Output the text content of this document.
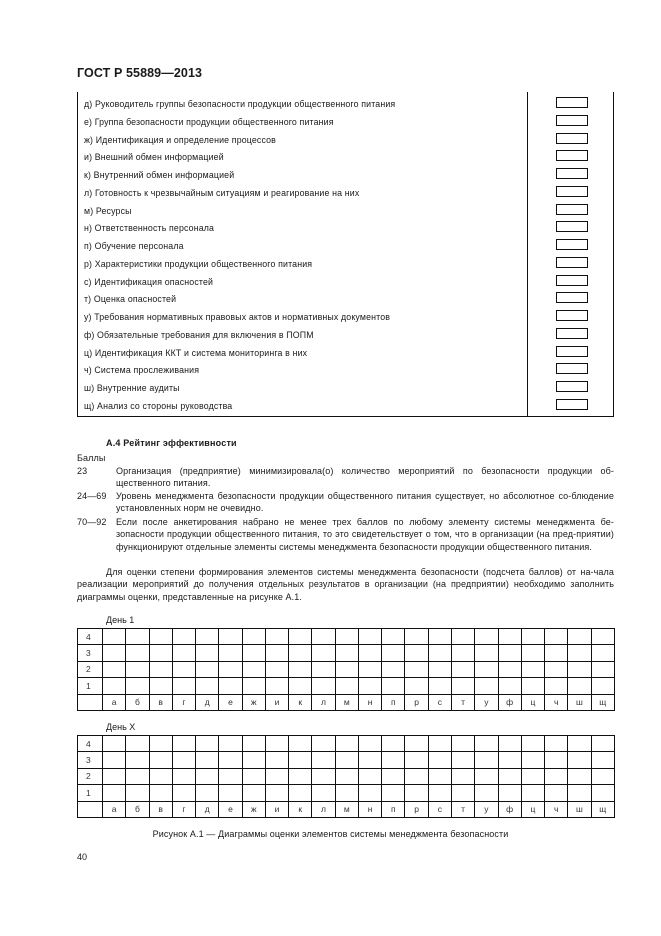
ГОСТ Р 55889—2013
д) Руководитель группы безопасности продукции общественного питания
е) Группа безопасности продукции общественного питания
ж) Идентификация и определение процессов
и) Внешний обмен информацией
к) Внутренний обмен информацией
л) Готовность к чрезвычайным ситуациям и реагирование на них
м) Ресурсы
н) Ответственность персонала
п) Обучение персонала
р) Характеристики продукции общественного питания
с) Идентификация опасностей
т) Оценка опасностей
у) Требования нормативных правовых актов и нормативных документов
ф) Обязательные требования для включения в ПОПМ
ц) Идентификация ККТ и система мониторинга в них
ч) Система прослеживания
ш) Внутренние аудиты
щ) Анализ со стороны руководства
А.4 Рейтинг эффективности
Баллы
23	Организация (предприятие) минимизировала(о) количество мероприятий по безопасности продукции об-щественного питания.
24—69 Уровень менеджмента безопасности продукции общественного питания существует, но абсолютное со-блюдение установленных норм не очевидно.
70—92 Если после анкетирования набрано не менее трех баллов по любому элементу системы менеджмента бе-зопасности продукции общественного питания, то это свидетельствует о том, что в организации (на пред-приятии) функционируют отдельные элементы системы менеджмента безопасности продукции общественного питания.
Для оценки степени формирования элементов системы менеджмента безопасности (подсчета баллов) от на-чала реализации мероприятий до получения отдельных результатов в организации (на предприятии) необходимо заполнить диаграммы оценки, представленные на рисунке А.1.
День 1
4																						
3																						
2																						
1																						
	а	б	в	г	д	е	ж	и	к	л	м	н	п	р	с	т	у	ф	ц	ч	ш	щ
День X
4																						
3																						
2																						
1																						
	а	б	в	г	д	е	ж	и	к	л	м	н	п	р	с	т	у	ф	ц	ч	ш	щ
Рисунок А.1 — Диаграммы оценки элементов системы менеджмента безопасности
40
